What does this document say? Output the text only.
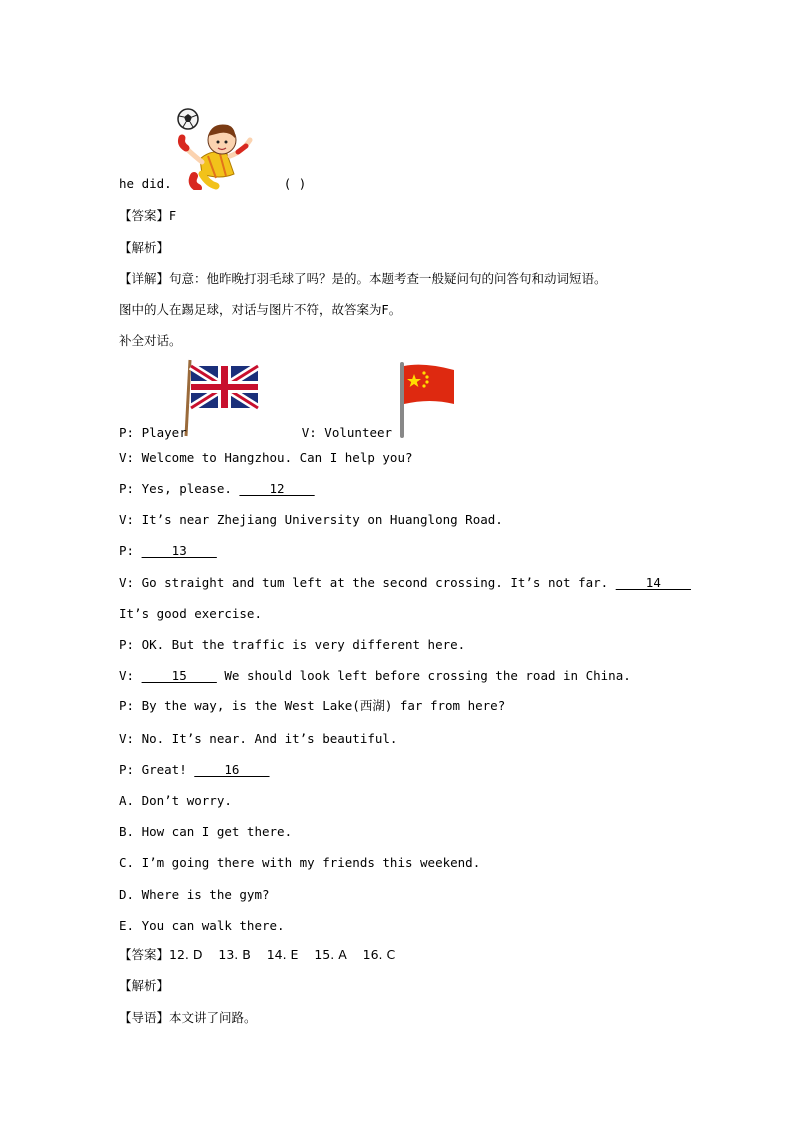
he did.	( )
【答案】F
【解析】
【详解】句意：他昨晚打羽毛球了吗？是的。本题考查一般疑问句的问答句和动词短语。
图中的人在踢足球，对话与图片不符，故答案为F。
补全对话。
P: Player	V: Volunteer
V: Welcome to Hangzhou. Can I help you?
P: Yes, please.     12
V: It’s near Zhejiang University on Huanglong Road.
P:     13
V: Go straight and tum left at the second crossing. It’s not far.     14
It’s good exercise.
P: OK. But the traffic is very different here.
V:     15     We should look left before crossing the road in China.
P: By the way, is the West Lake(西湖) far from here?
V: No. It’s near. And it’s beautiful.
P: Great!     16
A. Don’t worry.
B. How can I get there.
C. I’m going there with my friends this weekend.
D. Where is the gym?
E. You can walk there.
【答案】12. D    13. B    14. E    15. A    16. C
【解析】
【导语】本文讲了问路。
